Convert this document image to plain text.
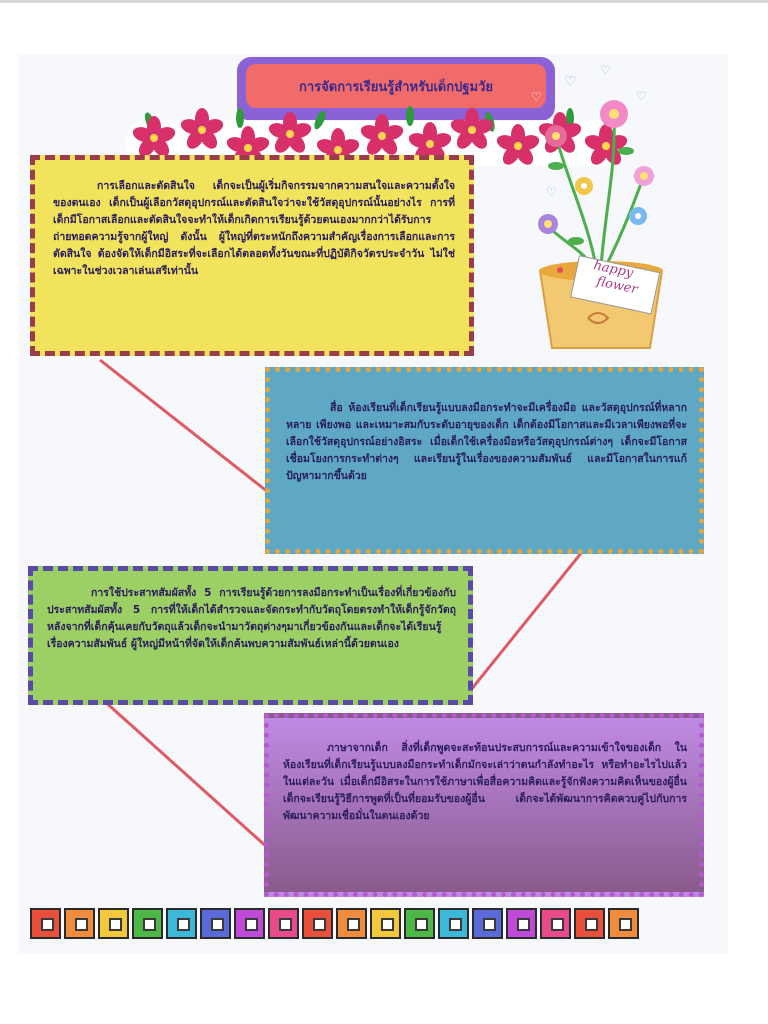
การจัดการเรียนรู้สำหรับเด็กปฐมวัย
♡
♡
♡
♡
♡
happy
flower

การเลือกและตัดสินใจ เด็กจะเป็นผู้เริ่มกิจกรรมจากความสนใจและความตั้งใจของตนเอง เด็กเป็นผู้เลือกวัสดุอุปกรณ์และตัดสินใจว่าจะใช้วัสดุอุปกรณ์นั้นอย่างไร การที่เด็กมีโอกาสเลือกและตัดสินใจจะทำให้เด็กเกิดการเรียนรู้ด้วยตนเองมากกว่าได้รับการถ่ายทอดความรู้จากผู้ใหญ่ ดังนั้น ผู้ใหญ่ที่ตระหนักถึงความสำคัญเรื่องการเลือกและการตัดสินใจ ต้องจัดให้เด็กมีอิสระที่จะเลือกได้ตลอดทั้งวันขณะที่ปฏิบัติกิจวัตรประจำวัน ไม่ใช่เฉพาะในช่วงเวลาเล่นเสรีเท่านั้น

สื่อ ห้องเรียนที่เด็กเรียนรู้แบบลงมือกระทำจะมีเครื่องมือ และวัสดุอุปกรณ์ที่หลากหลาย เพียงพอ และเหมาะสมกับระดับอายุของเด็ก เด็กต้องมีโอกาสและมีเวลาเพียงพอที่จะเลือกใช้วัสดุอุปกรณ์อย่างอิสระ เมื่อเด็กใช้เครื่องมือหรือวัสดุอุปกรณ์ต่างๆ เด็กจะมีโอกาสเชื่อมโยงการกระทำต่างๆ และเรียนรู้ในเรื่องของความสัมพันธ์ และมีโอกาสในการแก้ปัญหามากขึ้นด้วย

การใช้ประสาทสัมผัสทั้ง 5 การเรียนรู้ด้วยการลงมือกระทำเป็นเรื่องที่เกี่ยวข้องกับประสาทสัมผัสทั้ง 5 การที่ให้เด็กได้สำรวจและจัดกระทำกับวัตถุโดยตรงทำให้เด็กรู้จักวัตถุ หลังจากที่เด็กคุ้นเคยกับวัตถุแล้วเด็กจะนำมาวัตถุต่างๆมาเกี่ยวข้องกันและเด็กจะได้เรียนรู้เรื่องความสัมพันธ์ ผู้ใหญ่มีหน้าที่จัดให้เด็กค้นพบความสัมพันธ์เหล่านี้ด้วยตนเอง

ภาษาจากเด็ก สิ่งที่เด็กพูดจะสะท้อนประสบการณ์และความเข้าใจของเด็ก ในห้องเรียนที่เด็กเรียนรู้แบบลงมือกระทำเด็กมักจะเล่าว่าตนกำลังทำอะไร หรือทำอะไรไปแล้วในแต่ละวัน เมื่อเด็กมีอิสระในการใช้ภาษาเพื่อสื่อความคิดและรู้จักฟังความคิดเห็นของผู้อื่น เด็กจะเรียนรู้วิธีการพูดที่เป็นที่ยอมรับของผู้อื่น เด็กจะได้พัฒนาการคิดควบคู่ไปกับการพัฒนาความเชื่อมั่นในตนเองด้วย
